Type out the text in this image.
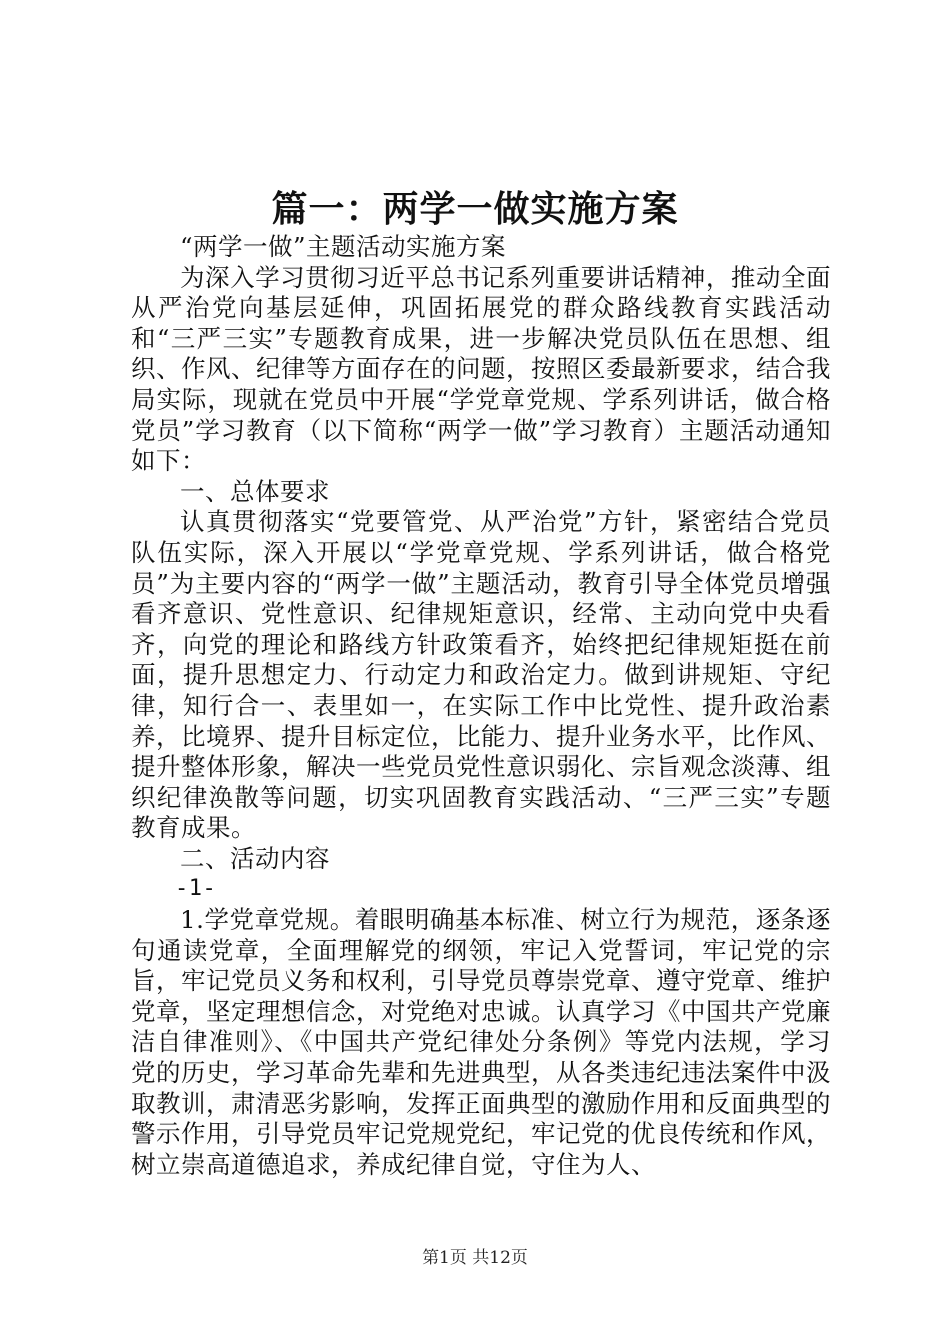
篇一：两学一做实施方案

“两学一做”主题活动实施方案

为深入学习贯彻习近平总书记系列重要讲话精神，推动全面从严治党向基层延伸，巩固拓展党的群众路线教育实践活动和“三严三实”专题教育成果，进一步解决党员队伍在思想、组织、作风、纪律等方面存在的问题，按照区委最新要求，结合我局实际，现就在党员中开展“学党章党规、学系列讲话，做合格党员”学习教育（以下简称“两学一做”学习教育）主题活动通知如下：

一、总体要求

认真贯彻落实“党要管党、从严治党”方针，紧密结合党员队伍实际，深入开展以“学党章党规、学系列讲话，做合格党员”为主要内容的“两学一做”主题活动，教育引导全体党员增强看齐意识、党性意识、纪律规矩意识，经常、主动向党中央看齐，向党的理论和路线方针政策看齐，始终把纪律规矩挺在前面，提升思想定力、行动定力和政治定力。做到讲规矩、守纪律，知行合一、表里如一，在实际工作中比党性、提升政治素养，比境界、提升目标定位，比能力、提升业务水平，比作风、提升整体形象，解决一些党员党性意识弱化、宗旨观念淡薄、组织纪律涣散等问题，切实巩固教育实践活动、“三严三实”专题教育成果。

二、活动内容

-1-

1.学党章党规。着眼明确基本标准、树立行为规范，逐条逐句通读党章，全面理解党的纲领，牢记入党誓词，牢记党的宗旨，牢记党员义务和权利，引导党员尊崇党章、遵守党章、维护党章，坚定理想信念，对党绝对忠诚。认真学习《中国共产党廉洁自律准则》、《中国共产党纪律处分条例》等党内法规，学习党的历史，学习革命先辈和先进典型，从各类违纪违法案件中汲取教训，肃清恶劣影响，发挥正面典型的激励作用和反面典型的警示作用，引导党员牢记党规党纪，牢记党的优良传统和作风，树立崇高道德追求，养成纪律自觉，守住为人、

第1页 共12页
